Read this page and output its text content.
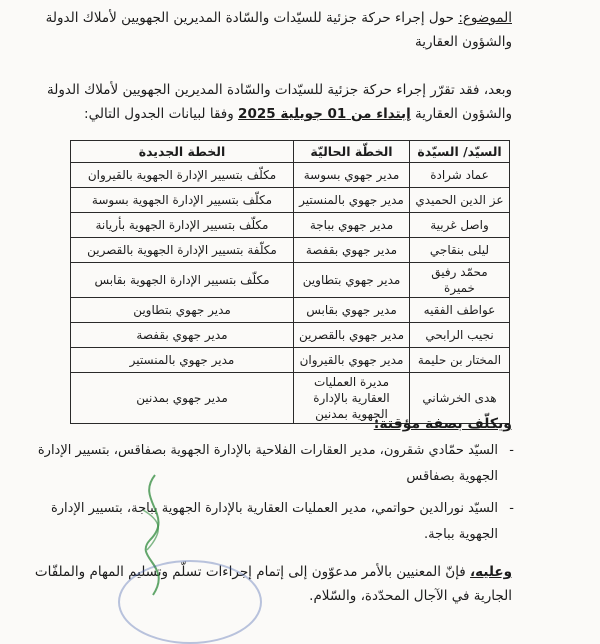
الموضوع: حول إجراء حركة جزئية للسيّدات والسّادة المديرين الجهويين لأملاك الدولة والشؤون العقارية
وبعد، فقد تقرّر إجراء حركة جزئية للسيّدات والسّادة المديرين الجهويين لأملاك الدولة والشؤون العقارية إبتداء من 01 جويلية 2025 وفقا لبيانات الجدول التالي:
السيّد/ السيّدة	الخطّة الحاليّة	الخطة الجديدة
عماد شرادة	مدير جهوي بسوسة	مكلّف بتسيير الإدارة الجهوية بالقيروان
عز الدين الحميدي	مدير جهوي بالمنستير	مكلّف بتسيير الإدارة الجهوية بسوسة
واصل غربية	مدير جهوي بباجة	مكلّف بتسيير الإدارة الجهوية بأريانة
ليلى بنقاجي	مدير جهوي بقفصة	مكلّفة بتسيير الإدارة الجهوية بالقصرين
محمّد رفيق خميرة	مدير جهوي بتطاوين	مكلّف بتسيير الإدارة الجهوية بقابس
عواطف الفقيه	مدير جهوي بقابس	مدير جهوي بتطاوين
نجيب الرابحي	مدير جهوي بالقصرين	مدير جهوي بقفصة
المختار بن حليمة	مدير جهوي بالقيروان	مدير جهوي بالمنستير
هدى الخرشاني	مديرة العمليات العقارية بالإدارة الجهوية بمدنين	مدير جهوي بمدنين
ويكلّف بصفة مؤقتة:
- السيّد حمّادي شقرون، مدير العقارات الفلاحية بالإدارة الجهوية بصفاقس، بتسيير الإدارة الجهوية بصفاقس
- السيّد نورالدين حواتمي، مدير العمليات العقارية بالإدارة الجهوية بباجة، بتسيير الإدارة الجهوية بباجة.
وعليه، فإنّ المعنيين بالأمر مدعوّون إلى إتمام إجراءات تسلّم وتسليم المهام والملفّات الجارية في الآجال المحدّدة، والسّلام.
